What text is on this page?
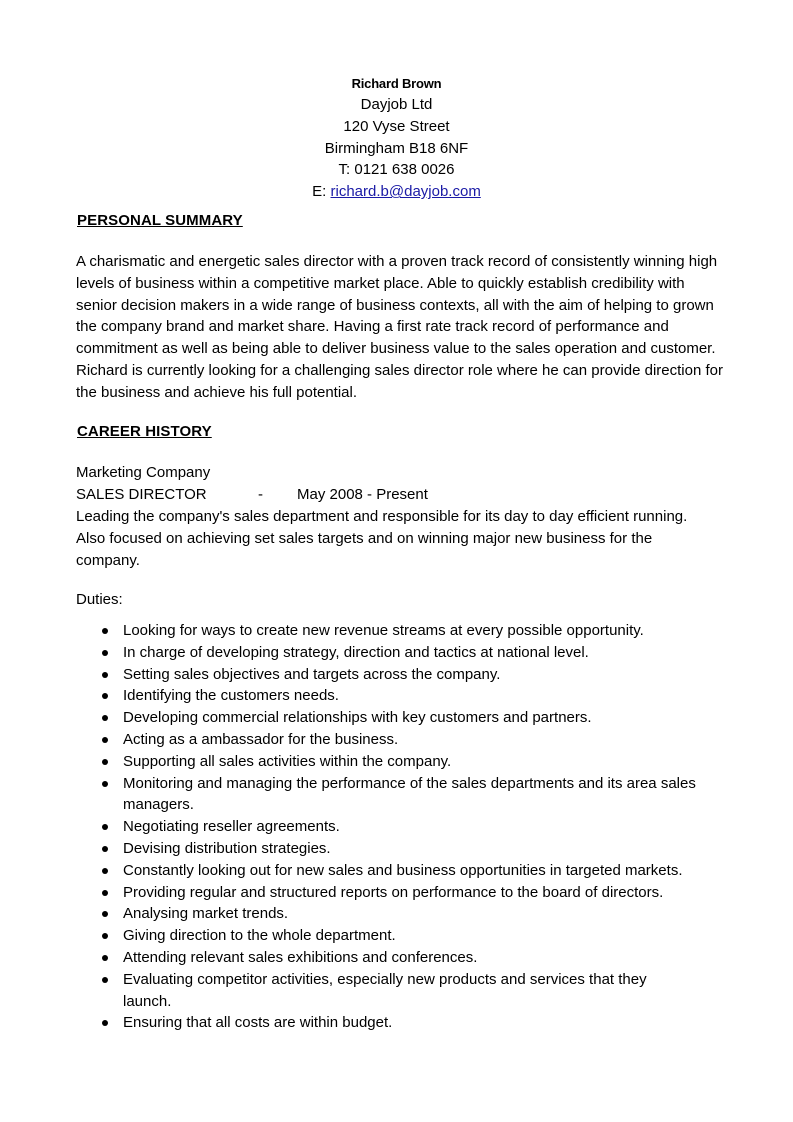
Richard Brown
Dayjob Ltd
120 Vyse Street
Birmingham B18 6NF
T: 0121 638 0026
E: richard.b@dayjob.com
PERSONAL SUMMARY
A charismatic and energetic sales director with a proven track record of consistently winning high levels of business within a competitive market place. Able to quickly establish credibility with senior decision makers in a wide range of business contexts, all with the aim of helping to grown the company brand and market share. Having a first rate track record of performance and commitment as well as being able to deliver business value to the sales operation and customer. Richard is currently looking for a challenging sales director role where he can provide direction for the business and achieve his full potential.
CAREER HISTORY
Marketing Company
SALES DIRECTOR	- May 2008 - Present
Leading the company's sales department and responsible for its day to day efficient running. Also focused on achieving set sales targets and on winning major new business for the company.
Duties:
Looking for ways to create new revenue streams at every possible opportunity.
In charge of developing strategy, direction and tactics at national level.
Setting sales objectives and targets across the company.
Identifying the customers needs.
Developing commercial relationships with key customers and partners.
Acting as a ambassador for the business.
Supporting all sales activities within the company.
Monitoring and managing the performance of the sales departments and its area sales managers.
Negotiating reseller agreements.
Devising distribution strategies.
Constantly looking out for new sales and business opportunities in targeted markets.
Providing regular and structured reports on performance to the board of directors.
Analysing market trends.
Giving direction to the whole department.
Attending relevant sales exhibitions and conferences.
Evaluating competitor activities, especially new products and services that they launch.
Ensuring that all costs are within budget.
